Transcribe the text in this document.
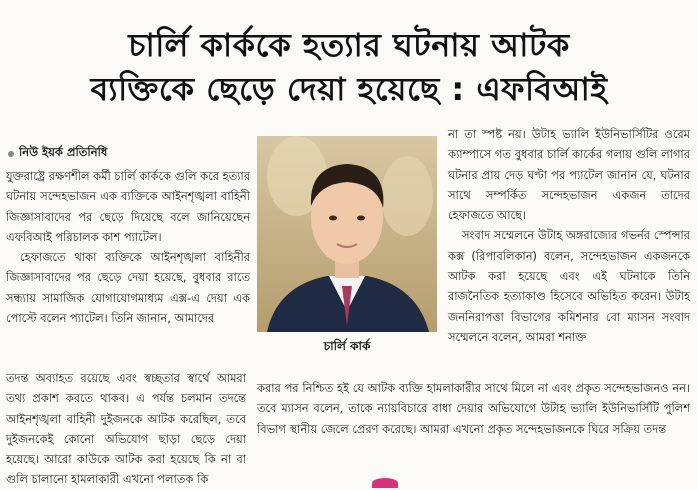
চার্লি কার্ককে হত্যার ঘটনায় আটক
ব্যক্তিকে ছেড়ে দেয়া হয়েছে : এফবিআই
নিউ ইয়র্ক প্রতিনিধি

যুক্তরাষ্ট্রে রক্ষণশীল কর্মী চার্লি কার্ককে গুলি করে হত্যার ঘটনায় সন্দেহভাজন এক ব্যক্তিকে আইনশৃঙ্খলা বাহিনী জিজ্ঞাসাবাদের পর ছেড়ে দিয়েছে বলে জানিয়েছেন এফবিআই পরিচালক কাশ প্যাটেল।

হেফাজতে থাকা ব্যক্তিকে আইনশৃঙ্খলা বাহিনীর জিজ্ঞাসাবাদের পর ছেড়ে দেয়া হয়েছে, বুধবার রাতে সন্ধ্যায় সামাজিক যোগাযোগমাধ্যম এক্স-এ দেয়া এক পোস্টে বলেন প্যাটেল। তিনি জানান, আমাদের

চার্লি কার্ক

না তা স্পষ্ট নয়। উটাহ ভ্যালি ইউনিভার্সিটির ওরেম ক্যাম্পাসে গত বুধবার চার্লি কার্কের গলায় গুলি লাগার ঘটনার প্রায় দেড় ঘণ্টা পর প্যাটেল জানান যে, ঘটনার সাথে সম্পর্কিত সন্দেহভাজন একজন তাদের হেফাজতে আছে।

সংবাদ সম্মেলনে উটাহ অঙ্গরাজ্যের গভর্নর স্পেন্সার কক্স (রিপাবলিকান) বলেন, সন্দেহভাজন একজনকে আটক করা হয়েছে এবং এই ঘটনাকে তিনি রাজনৈতিক হত্যাকাণ্ড হিসেবে অভিহিত করেন। উটাহ জননিরাপত্তা বিভাগের কমিশনার বো ম্যাসন সংবাদ সম্মেলনে বলেন, আমরা শনাক্ত

তদন্ত অব্যাহত রয়েছে এবং স্বচ্ছতার স্বার্থে আমরা তথ্য প্রকাশ করতে থাকব। এ পর্যন্ত চলমান তদন্তে আইনশৃঙ্খলা বাহিনী দুইজনকে আটক করেছিল, তবে দুইজনকেই কোনো অভিযোগ ছাড়া ছেড়ে দেয়া হয়েছে। আরো কাউকে আটক করা হয়েছে কি না বা গুলি চালানো হামলাকারী এখনো পলাতক কি

করার পর নিশ্চিত হই যে আটক ব্যক্তি হামলাকারীর সাথে মিলে না এবং প্রকৃত সন্দেহভাজনও নন। তবে ম্যাসন বলেন, তাকে ন্যায়বিচারে বাধা দেয়ার অভিযোগে উটাহ ভ্যালি ইউনিভার্সিটি পুলিশ বিভাগ স্থানীয় জেলে প্রেরণ করেছে। আমরা এখনো প্রকৃত সন্দেহভাজনকে ঘিরে সক্রিয় তদন্ত
